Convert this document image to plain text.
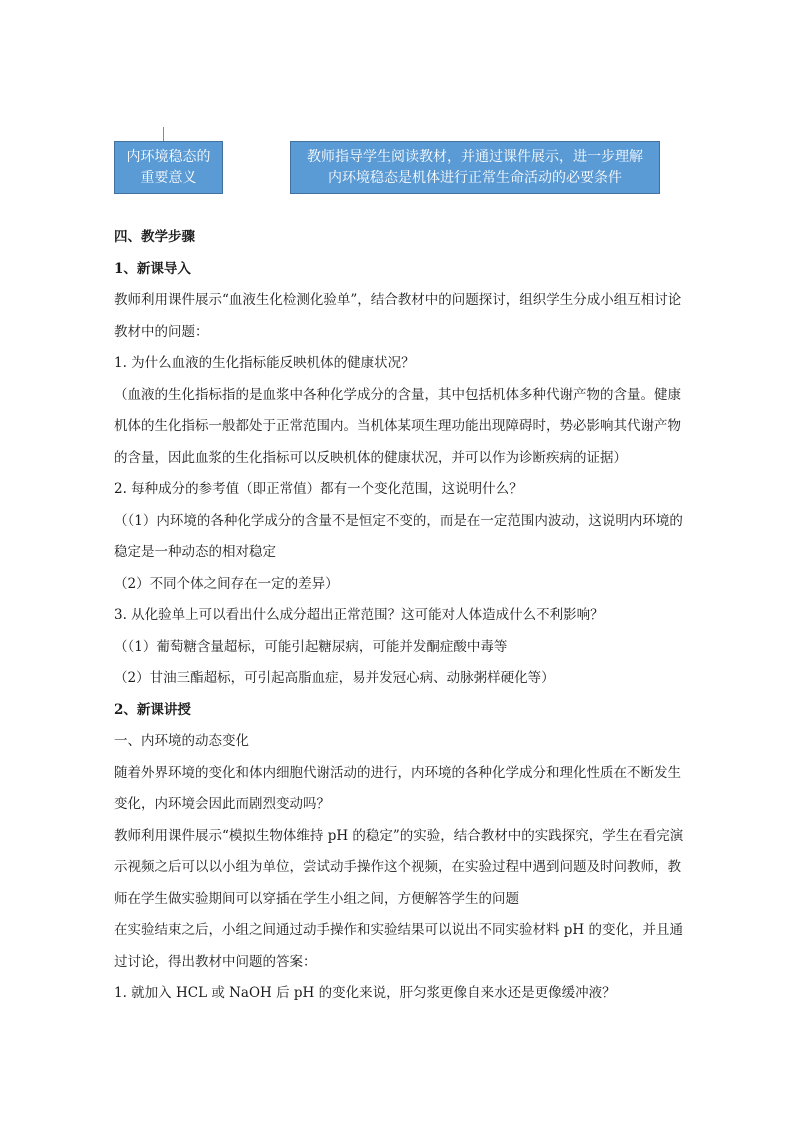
内环境稳态的重要意义
教师指导学生阅读教材，并通过课件展示，进一步理解内环境稳态是机体进行正常生命活动的必要条件

四、教学步骤

1、新课导入

教师利用课件展示“血液生化检测化验单”，结合教材中的问题探讨，组织学生分成小组互相讨论教材中的问题：

1. 为什么血液的生化指标能反映机体的健康状况？

（血液的生化指标指的是血浆中各种化学成分的含量，其中包括机体多种代谢产物的含量。健康机体的生化指标一般都处于正常范围内。当机体某项生理功能出现障碍时，势必影响其代谢产物的含量，因此血浆的生化指标可以反映机体的健康状况，并可以作为诊断疾病的证据）

2. 每种成分的参考值（即正常值）都有一个变化范围，这说明什么？

（（1）内环境的各种化学成分的含量不是恒定不变的，而是在一定范围内波动，这说明内环境的稳定是一种动态的相对稳定

（2）不同个体之间存在一定的差异）

3. 从化验单上可以看出什么成分超出正常范围？这可能对人体造成什么不利影响？

（（1）葡萄糖含量超标，可能引起糖尿病，可能并发酮症酸中毒等

（2）甘油三酯超标，可引起高脂血症，易并发冠心病、动脉粥样硬化等）

2、新课讲授

一、内环境的动态变化

随着外界环境的变化和体内细胞代谢活动的进行，内环境的各种化学成分和理化性质在不断发生变化，内环境会因此而剧烈变动吗？

教师利用课件展示“模拟生物体维持 pH 的稳定”的实验，结合教材中的实践探究，学生在看完演示视频之后可以以小组为单位，尝试动手操作这个视频，在实验过程中遇到问题及时问教师，教师在学生做实验期间可以穿插在学生小组之间，方便解答学生的问题

在实验结束之后，小组之间通过动手操作和实验结果可以说出不同实验材料 pH 的变化，并且通过讨论，得出教材中问题的答案：

1. 就加入 HCL 或 NaOH 后 pH 的变化来说，肝匀浆更像自来水还是更像缓冲液？
